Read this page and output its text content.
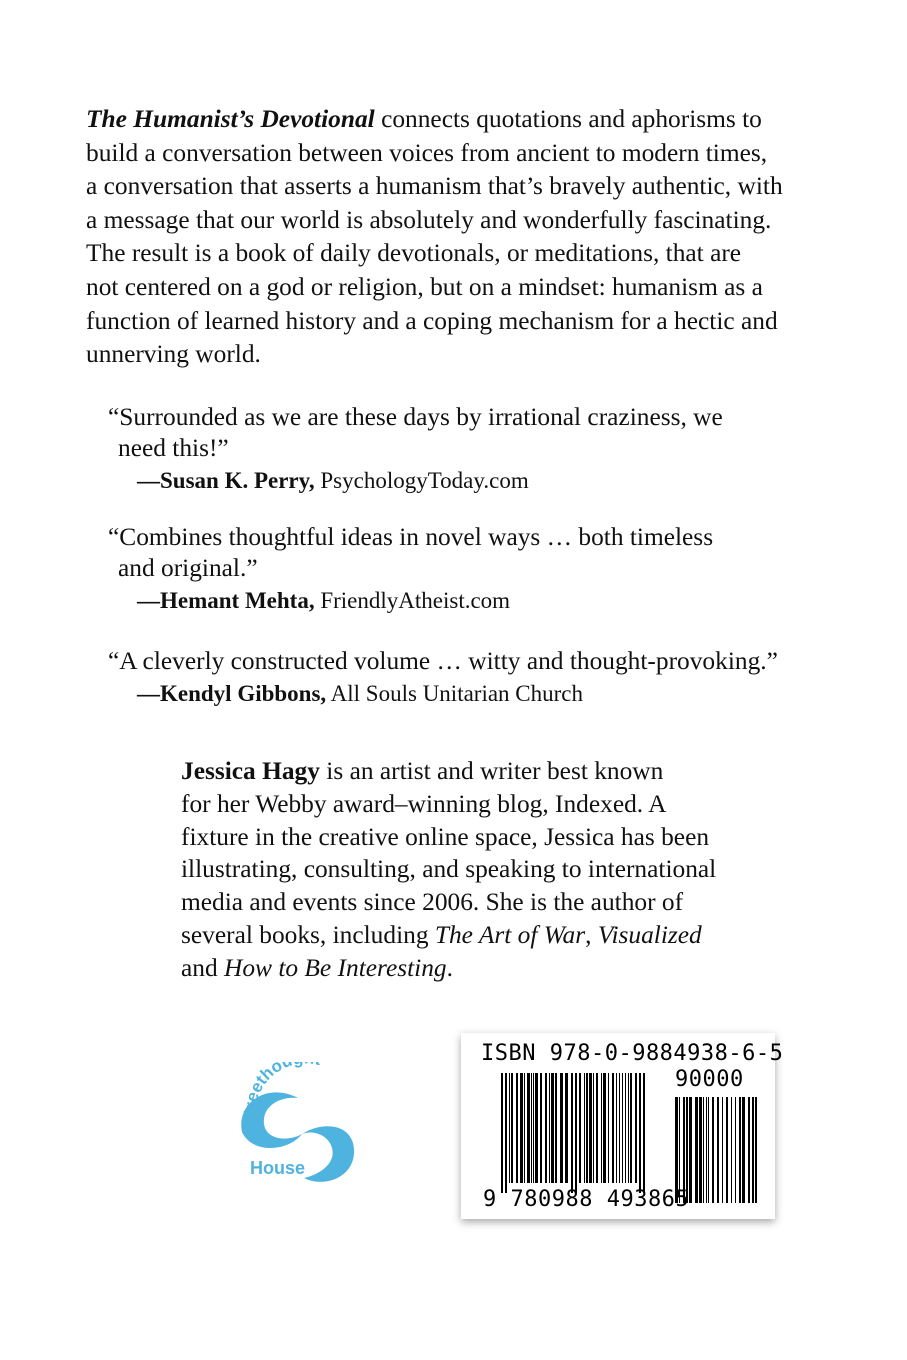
The Humanist’s Devotional connects quotations and aphorisms to
build a conversation between voices from ancient to modern times,
a conversation that asserts a humanism that’s bravely authentic, with
a message that our world is absolutely and wonderfully fascinating.
The result is a book of daily devotionals, or meditations, that are
not centered on a god or religion, but on a mindset: humanism as a
function of learned history and a coping mechanism for a hectic and
unnerving world.
“Surrounded as we are these days by irrational craziness, we
need this!”
—Susan K. Perry, PsychologyToday.com
“Combines thoughtful ideas in novel ways … both timeless
and original.”
—Hemant Mehta, FriendlyAtheist.com
“A cleverly constructed volume … witty and thought-provoking.”
—Kendyl Gibbons, All Souls Unitarian Church
Jessica Hagy is an artist and writer best known
for her Webby award–winning blog, Indexed. A
fixture in the creative online space, Jessica has been
illustrating, consulting, and speaking to international
media and events since 2006. She is the author of
several books, including The Art of War, Visualized
and How to Be Interesting.
Freetho
House
ISBN 978-0-9884938-6-5
90000
9 780988 493865
